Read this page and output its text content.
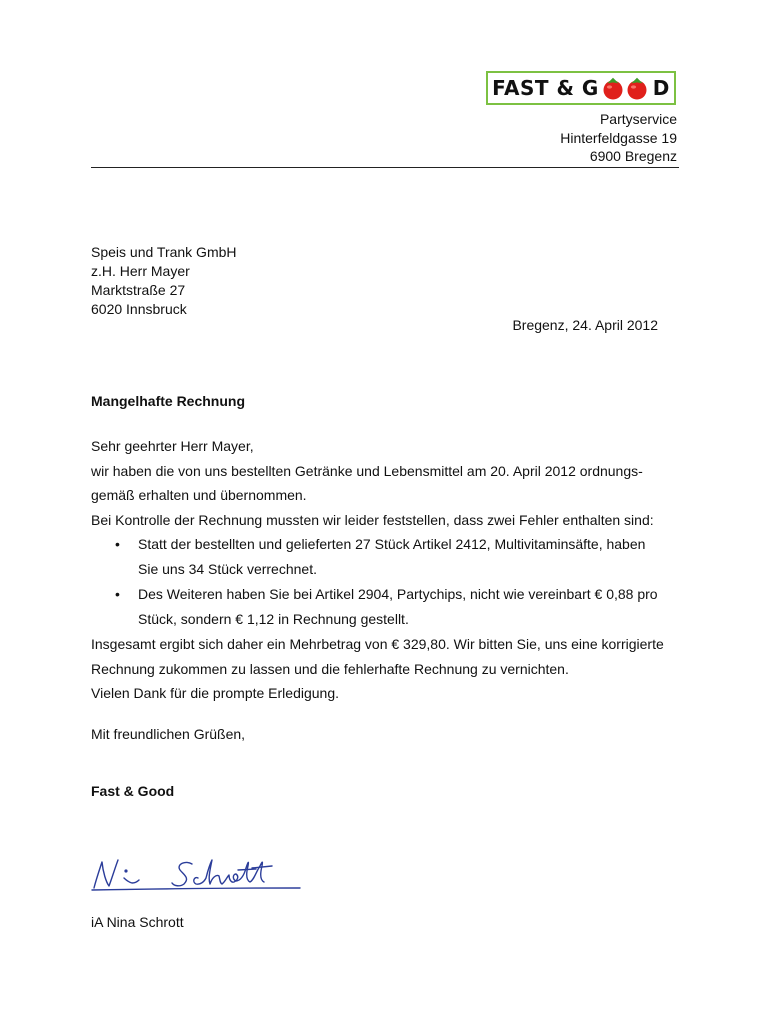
FAST & G	D
Partyservice
Hinterfeldgasse 19
6900 Bregenz
Speis und Trank GmbH
z.H. Herr Mayer
Marktstraße 27
6020 Innsbruck
Bregenz, 24. April 2012
Mangelhafte Rechnung

Sehr geehrter Herr Mayer,

wir haben die von uns bestellten Getränke und Lebensmittel am 20. April 2012 ordnungs-

gemäß erhalten und übernommen.

Bei Kontrolle der Rechnung mussten wir leider feststellen, dass zwei Fehler enthalten sind:

• Statt der bestellten und gelieferten 27 Stück Artikel 2412, Multivitaminsäfte, haben
Sie uns 34 Stück verrechnet.
• Des Weiteren haben Sie bei Artikel 2904, Partychips, nicht wie vereinbart € 0,88 pro
Stück, sondern € 1,12 in Rechnung gestellt.

Insgesamt ergibt sich daher ein Mehrbetrag von € 329,80. Wir bitten Sie, uns eine korrigierte

Rechnung zukommen zu lassen und die fehlerhafte Rechnung zu vernichten.

Vielen Dank für die prompte Erledigung.

Mit freundlichen Grüßen,
Fast & Good
iA Nina Schrott
